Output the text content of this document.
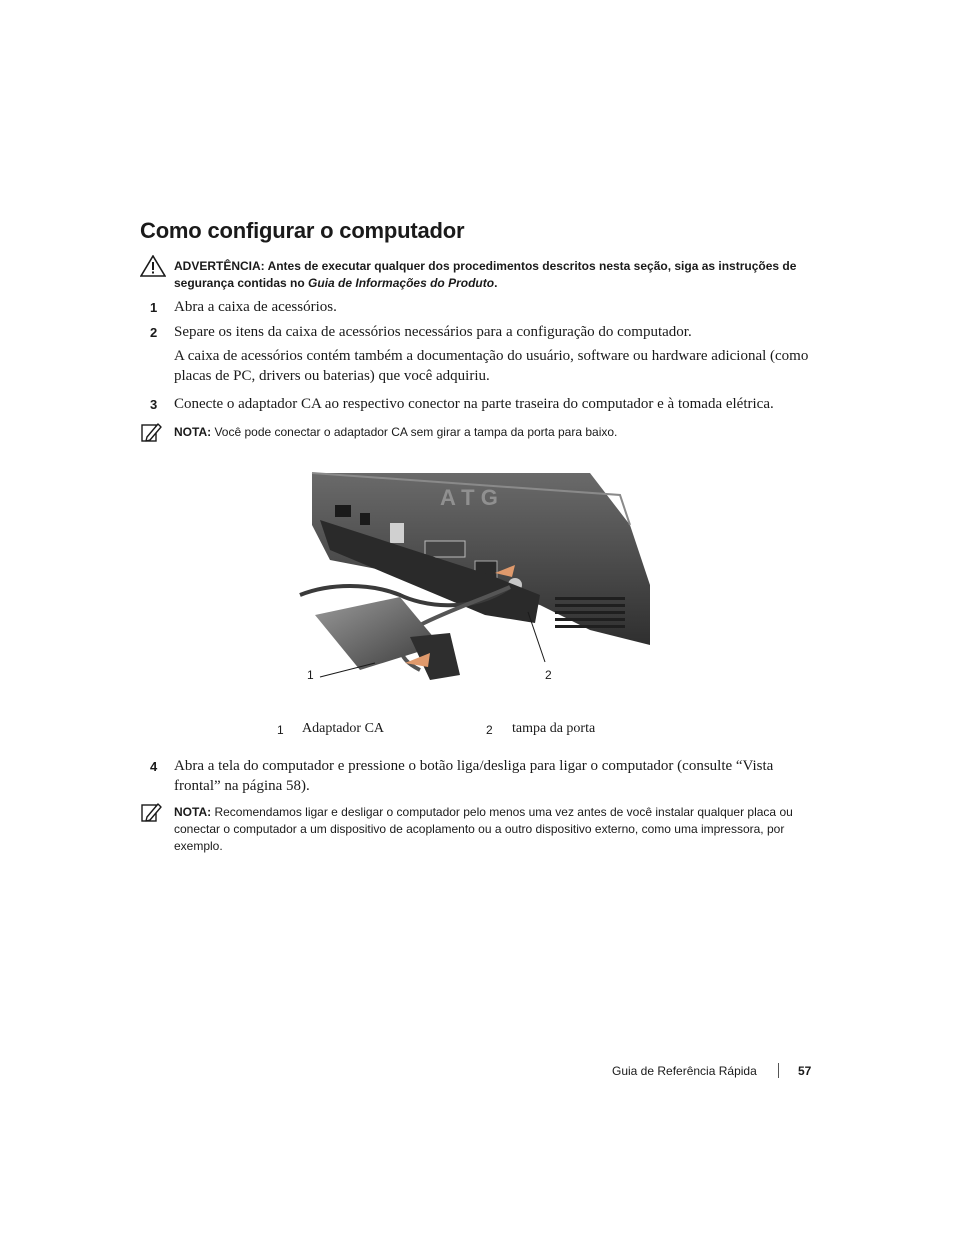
Como configurar o computador
ADVERTÊNCIA: Antes de executar qualquer dos procedimentos descritos nesta seção, siga as instruções de segurança contidas no Guia de Informações do Produto.
1 Abra a caixa de acessórios.
2 Separe os itens da caixa de acessórios necessários para a configuração do computador.
A caixa de acessórios contém também a documentação do usuário, software ou hardware adicional (como placas de PC, drivers ou baterias) que você adquiriu.
3 Conecte o adaptador CA ao respectivo conector na parte traseira do computador e à tomada elétrica.
NOTA: Você pode conectar o adaptador CA sem girar a tampa da porta para baixo.
A T G
1	2
1 Adaptador CA	2 tampa da porta
4 Abra a tela do computador e pressione o botão liga/desliga para ligar o computador (consulte “Vista frontal” na página 58).
NOTA: Recomendamos ligar e desligar o computador pelo menos uma vez antes de você instalar qualquer placa ou conectar o computador a um dispositivo de acoplamento ou a outro dispositivo externo, como uma impressora, por exemplo.
Guia de Referência Rápida	57
